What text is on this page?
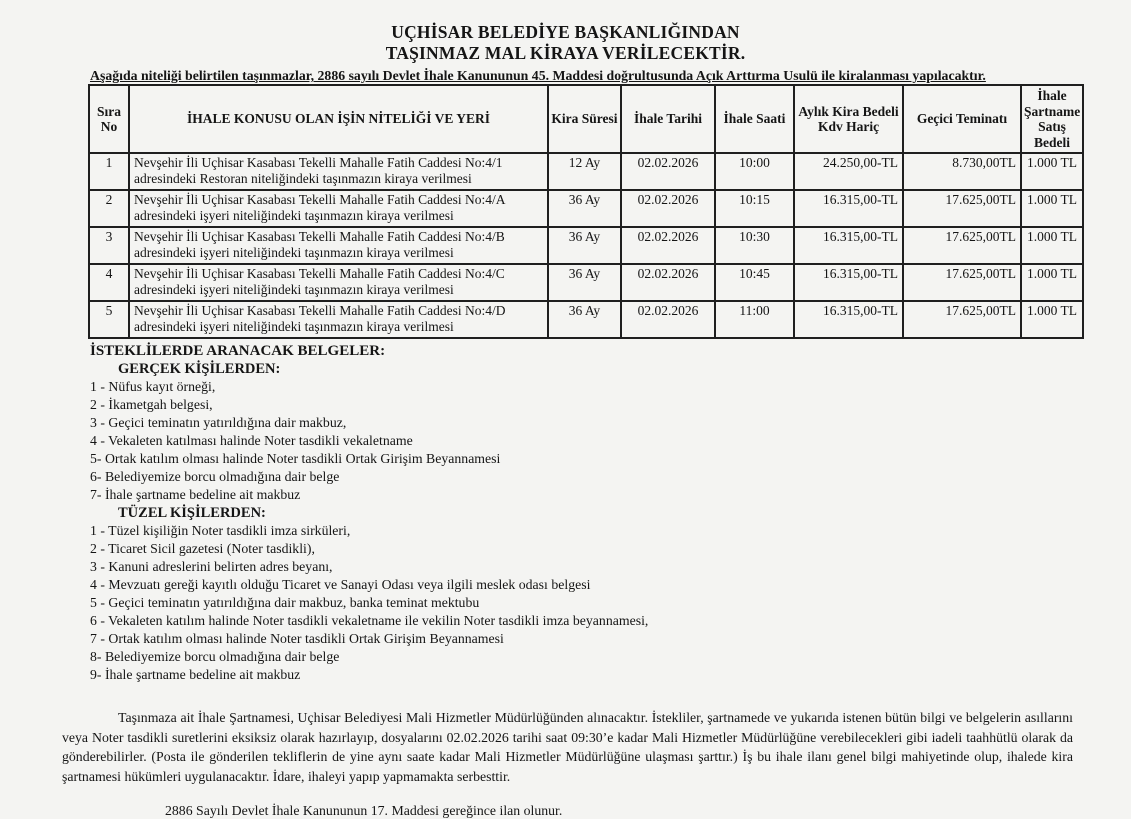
UÇHİSAR BELEDİYE BAŞKANLIĞINDAN
TAŞINMAZ MAL KİRAYA VERİLECEKTİR.
Aşağıda niteliği belirtilen taşınmazlar, 2886 sayılı Devlet İhale Kanununun 45. Maddesi doğrultusunda Açık Arttırma Usulü ile kiralanması yapılacaktır.
Sıra No	İHALE KONUSU OLAN İŞİN NİTELİĞİ VE YERİ	Kira Süresi	İhale Tarihi	İhale Saati	Aylık Kira Bedeli Kdv Hariç	Geçici Teminatı	İhale Şartname Satış Bedeli
1	Nevşehir İli Uçhisar Kasabası Tekelli Mahalle Fatih Caddesi No:4/1 adresindeki Restoran niteliğindeki taşınmazın kiraya verilmesi	12 Ay	02.02.2026	10:00	24.250,00-TL	8.730,00TL	1.000 TL
2	Nevşehir İli Uçhisar Kasabası Tekelli Mahalle Fatih Caddesi No:4/A adresindeki işyeri niteliğindeki taşınmazın kiraya verilmesi	36 Ay	02.02.2026	10:15	16.315,00-TL	17.625,00TL	1.000 TL
3	Nevşehir İli Uçhisar Kasabası Tekelli Mahalle Fatih Caddesi No:4/B adresindeki işyeri niteliğindeki taşınmazın kiraya verilmesi	36 Ay	02.02.2026	10:30	16.315,00-TL	17.625,00TL	1.000 TL
4	Nevşehir İli Uçhisar Kasabası Tekelli Mahalle Fatih Caddesi No:4/C adresindeki işyeri niteliğindeki taşınmazın kiraya verilmesi	36 Ay	02.02.2026	10:45	16.315,00-TL	17.625,00TL	1.000 TL
5	Nevşehir İli Uçhisar Kasabası Tekelli Mahalle Fatih Caddesi No:4/D adresindeki işyeri niteliğindeki taşınmazın kiraya verilmesi	36 Ay	02.02.2026	11:00	16.315,00-TL	17.625,00TL	1.000 TL
İSTEKLİLERDE ARANACAK BELGELER:
GERÇEK KİŞİLERDEN:
1 - Nüfus kayıt örneği,
2 - İkametgah belgesi,
3 - Geçici teminatın yatırıldığına dair makbuz,
4 - Vekaleten katılması halinde Noter tasdikli vekaletname
5- Ortak katılım olması halinde Noter tasdikli Ortak Girişim Beyannamesi
6- Belediyemize borcu olmadığına dair belge
7- İhale şartname bedeline ait makbuz
TÜZEL KİŞİLERDEN:
1 - Tüzel kişiliğin Noter tasdikli imza sirküleri,
2 - Ticaret Sicil gazetesi (Noter tasdikli),
3 - Kanuni adreslerini belirten adres beyanı,
4 - Mevzuatı gereği kayıtlı olduğu Ticaret ve Sanayi Odası veya ilgili meslek odası belgesi
5 - Geçici teminatın yatırıldığına dair makbuz, banka teminat mektubu
6 - Vekaleten katılım halinde Noter tasdikli vekaletname ile vekilin Noter tasdikli imza beyannamesi,
7 - Ortak katılım olması halinde Noter tasdikli Ortak Girişim Beyannamesi
8- Belediyemize borcu olmadığına dair belge
9- İhale şartname bedeline ait makbuz
Taşınmaza ait İhale Şartnamesi, Uçhisar Belediyesi Mali Hizmetler Müdürlüğünden alınacaktır. İstekliler, şartnamede ve yukarıda istenen bütün bilgi ve belgelerin asıllarını veya Noter tasdikli suretlerini eksiksiz olarak hazırlayıp, dosyalarını 02.02.2026 tarihi saat 09:30’e kadar Mali Hizmetler Müdürlüğüne verebilecekleri gibi iadeli taahhütlü olarak da gönderebilirler. (Posta ile gönderilen tekliflerin de yine aynı saate kadar Mali Hizmetler Müdürlüğüne ulaşması şarttır.) İş bu ihale ilanı genel bilgi mahiyetinde olup, ihalede kira şartnamesi hükümleri uygulanacaktır. İdare, ihaleyi yapıp yapmamakta serbesttir.
2886 Sayılı Devlet İhale Kanununun 17. Maddesi gereğince ilan olunur.
